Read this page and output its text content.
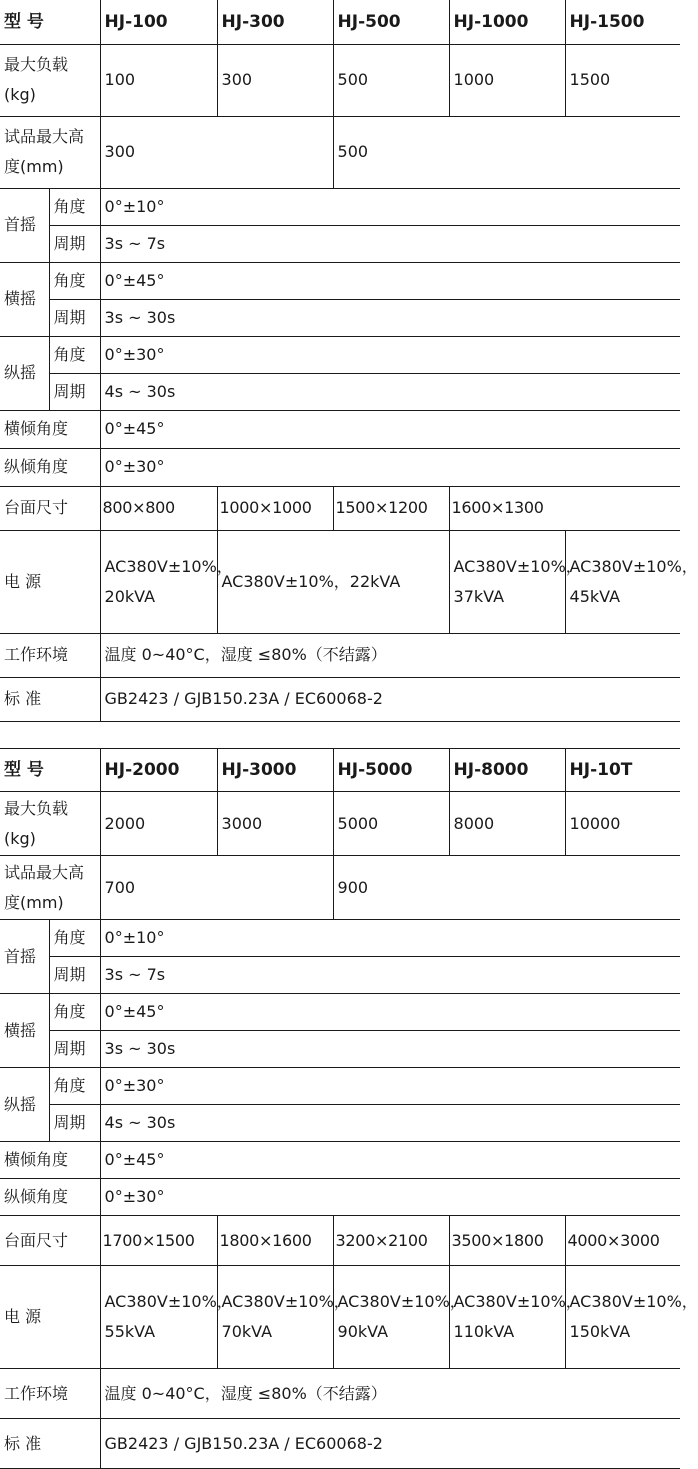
型 号		HJ-100	HJ-300	HJ-500	HJ-1000	HJ-1500
最大负载(kg)		100	300	500	1000	1500
试品最大高度(mm)		300		500		
首摇	角度	0°±10°				
	周期	3s ~ 7s				
横摇	角度	0°±45°				
	周期	3s ~ 30s				
纵摇	角度	0°±30°				
	周期	4s ~ 30s				
横倾角度		0°±45°				
纵倾角度		0°±30°				
台面尺寸		800×800	1000×1000	1500×1200	1600×1300	
电 源		AC380V±10%，20kVA	AC380V±10%，22kVA		AC380V±10%，37kVA	AC380V±10%，45kVA
工作环境		温度 0~40°C，湿度 ≤80%（不结露）				
标 准		GB2423 / GJB150.23A / EC60068-2				
型 号		HJ-2000	HJ-3000	HJ-5000	HJ-8000	HJ-10T
最大负载(kg)		2000	3000	5000	8000	10000
试品最大高度(mm)		700		900		
首摇	角度	0°±10°				
	周期	3s ~ 7s				
横摇	角度	0°±45°				
	周期	3s ~ 30s				
纵摇	角度	0°±30°				
	周期	4s ~ 30s				
横倾角度		0°±45°				
纵倾角度		0°±30°				
台面尺寸		1700×1500	1800×1600	3200×2100	3500×1800	4000×3000
电 源		AC380V±10%，55kVA	AC380V±10%，70kVA	AC380V±10%，90kVA	AC380V±10%，110kVA	AC380V±10%，150kVA
工作环境		温度 0~40°C，湿度 ≤80%（不结露）				
标 准		GB2423 / GJB150.23A / EC60068-2				
